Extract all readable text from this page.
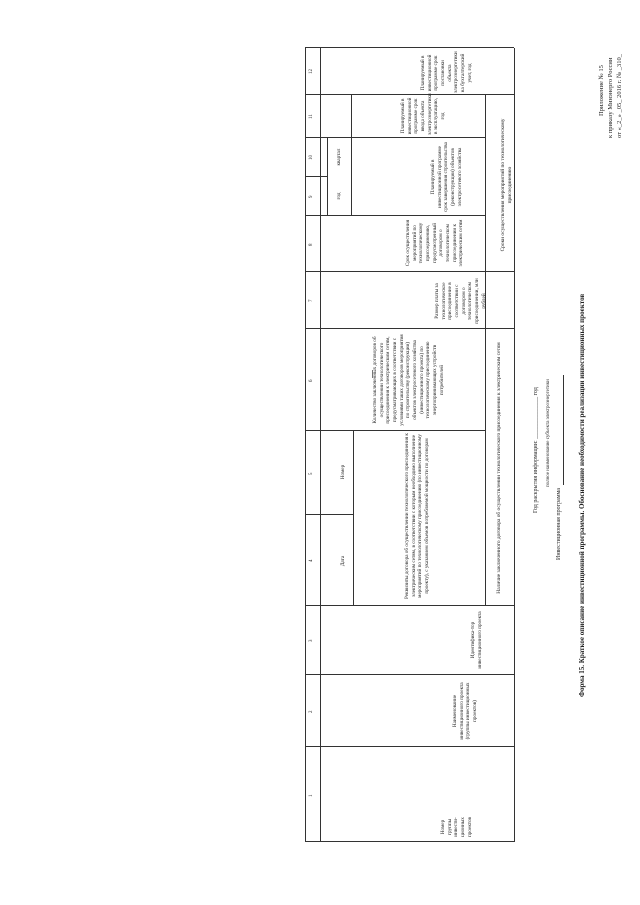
Приложение № 15 к приказу Минэнерго России от «_2_» _05_ 2016 г. № _310_
Форма 15. Краткое описание инвестиционной программы. Обоснование необходимости реализации инвестиционных проектов
Инвестиционная программа
полное наименование субъекта электроэнергетики
Год раскрытия информации: ______________ год
Номер группы инвести-ционных проектов
Наименование инвестиционного проекта (группы инвестиционных проектов)
Идентифика-тор инвестиционного проекта
Наличие заключенного договора об осуществлении технологического присоединения к электрическим сетям
Реквизиты договора об осуществлении технологического присоединения к электрическим сетям, в соответствии с которым необходимо выполнение мероприятий по технологическому присоединению (по инвестиционному проекту), с указанием объемов потребляемой мощности по договорам
Дата
Номер
Количество заключенных договоров об осуществлении технологического присоединения к электрическим сетям, предусматривающих в соответствии с условиями таких договоров мероприятия по строительству (реконструкции) объектов электросетевого хозяйства (инвестиционного проекта) по технологическому присоединению энергопринимающих устройств потребителей
Размер платы за технологическое присоединение в соответствии с договором о технологическом присоединении, млн рублей
Сроки осуществления мероприятий по технологическому присоединению
Срок осуществления мероприятий по технологическому присоединению, предусмотренный договором о технологическом присоединении к электрическим сетям
Планируемый в инвестиционной программе срок завершения строительства (реконструкции) объектов электросетевого хозяйства
год
квартал
Планируемый в инвестиционной программе срок ввода объекта электроэнергетики в эксплуатацию, год
Планируемый в инвестиционной программе срок постановки объекта электроэнергетики на бухгалтерский учет, год
1
2
3
4
5
6
7
8
9
10
11
12
